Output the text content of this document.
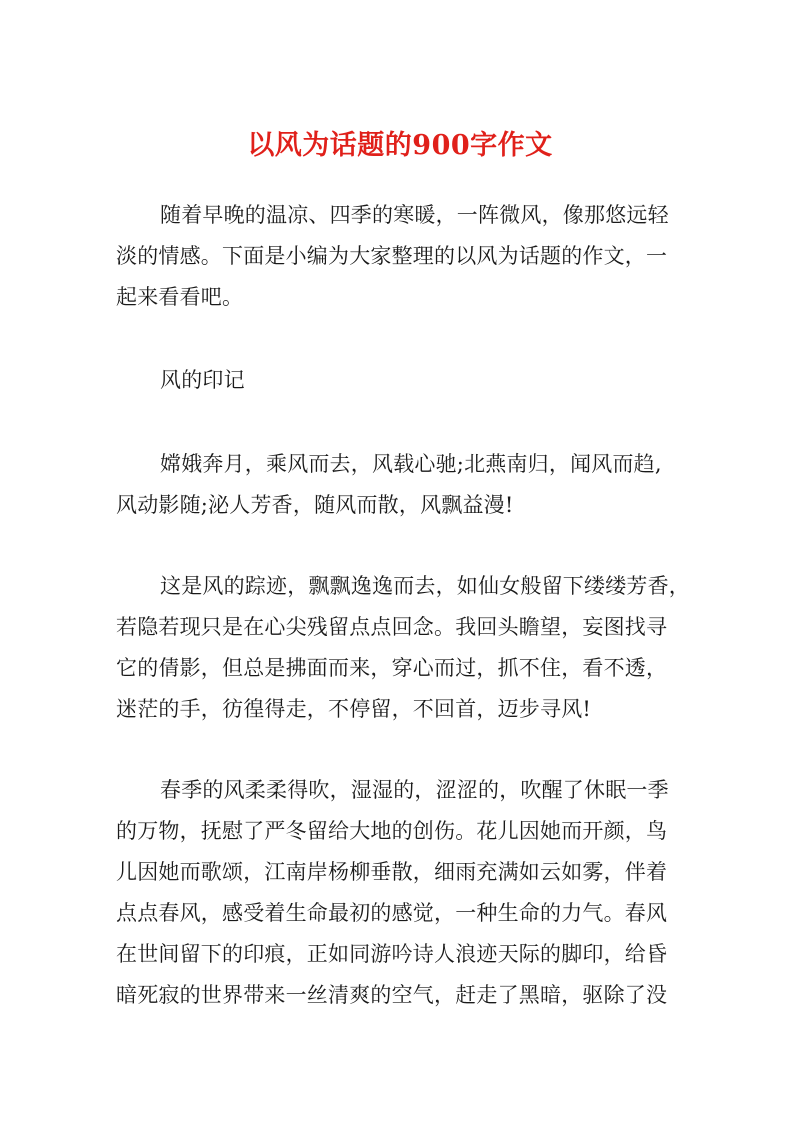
以风为话题的900字作文
随着早晚的温凉、四季的寒暖，一阵微风，像那悠远轻
淡的情感。下面是小编为大家整理的以风为话题的作文，一
起来看看吧。
风的印记
嫦娥奔月，乘风而去，风载心驰;北燕南归，闻风而趋,
风动影随;泌人芳香，随风而散，风飘益漫!
这是风的踪迹，飘飘逸逸而去，如仙女般留下缕缕芳香，
若隐若现只是在心尖残留点点回念。我回头瞻望，妄图找寻
它的倩影，但总是拂面而来，穿心而过，抓不住，看不透，
迷茫的手，彷徨得走，不停留，不回首，迈步寻风!
春季的风柔柔得吹，湿湿的，涩涩的，吹醒了休眠一季
的万物，抚慰了严冬留给大地的创伤。花儿因她而开颜，鸟
儿因她而歌颂，江南岸杨柳垂散，细雨充满如云如雾，伴着
点点春风，感受着生命最初的感觉，一种生命的力气。春风
在世间留下的印痕，正如同游吟诗人浪迹天际的脚印，给昏
暗死寂的世界带来一丝清爽的空气，赶走了黑暗，驱除了没
